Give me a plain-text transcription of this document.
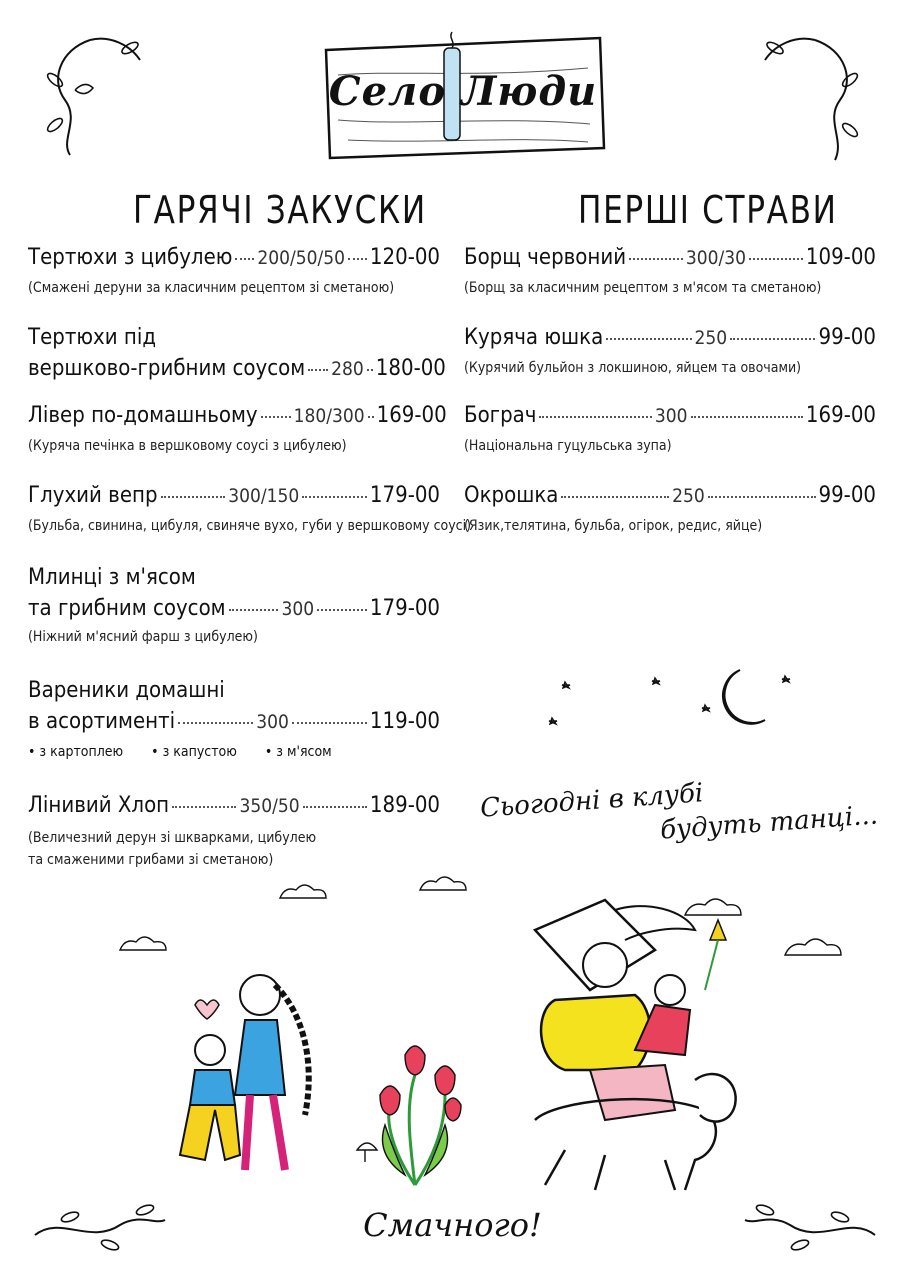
Село Люди
ГАРЯЧІ ЗАКУСКИ
Тертюхи з цибулею 200/50/50 120-00
(Смажені деруни за класичним рецептом зі сметаною)
Тертюхи під
вершково-грибним соусом 280 180-00
Лівер по-домашньому 180/300 169-00
(Куряча печінка в вершковому соусі з цибулею)
Глухий вепр	300/150	179-00
(Бульба, свинина, цибуля, свиняче вухо, губи у вершковому соусі)
Млинці з м'ясом
та грибним соусом	300	179-00
(Ніжний м'ясний фарш з цибулею)
Вареники домашні
в асортименті	300	119-00
• з картоплею • з капустою • з м'ясом
Лінивий Хлоп	350/50	189-00
(Величезний дерун зі шкварками, цибулею
та смаженими грибами зі сметаною)
ПЕРШІ СТРАВИ
Борщ червоний	300/30	109-00
(Борщ за класичним рецептом з м'ясом та сметаною)
Куряча юшка	250	99-00
(Курячий бульйон з локшиною, яйцем та овочами)
Бограч	300	169-00
(Національна гуцульська зупа)
Окрошка	250	99-00
(Язик,телятина, бульба, огірок, редис, яйце)
Сьогодні в клубі
будуть танці...
Смачного!
